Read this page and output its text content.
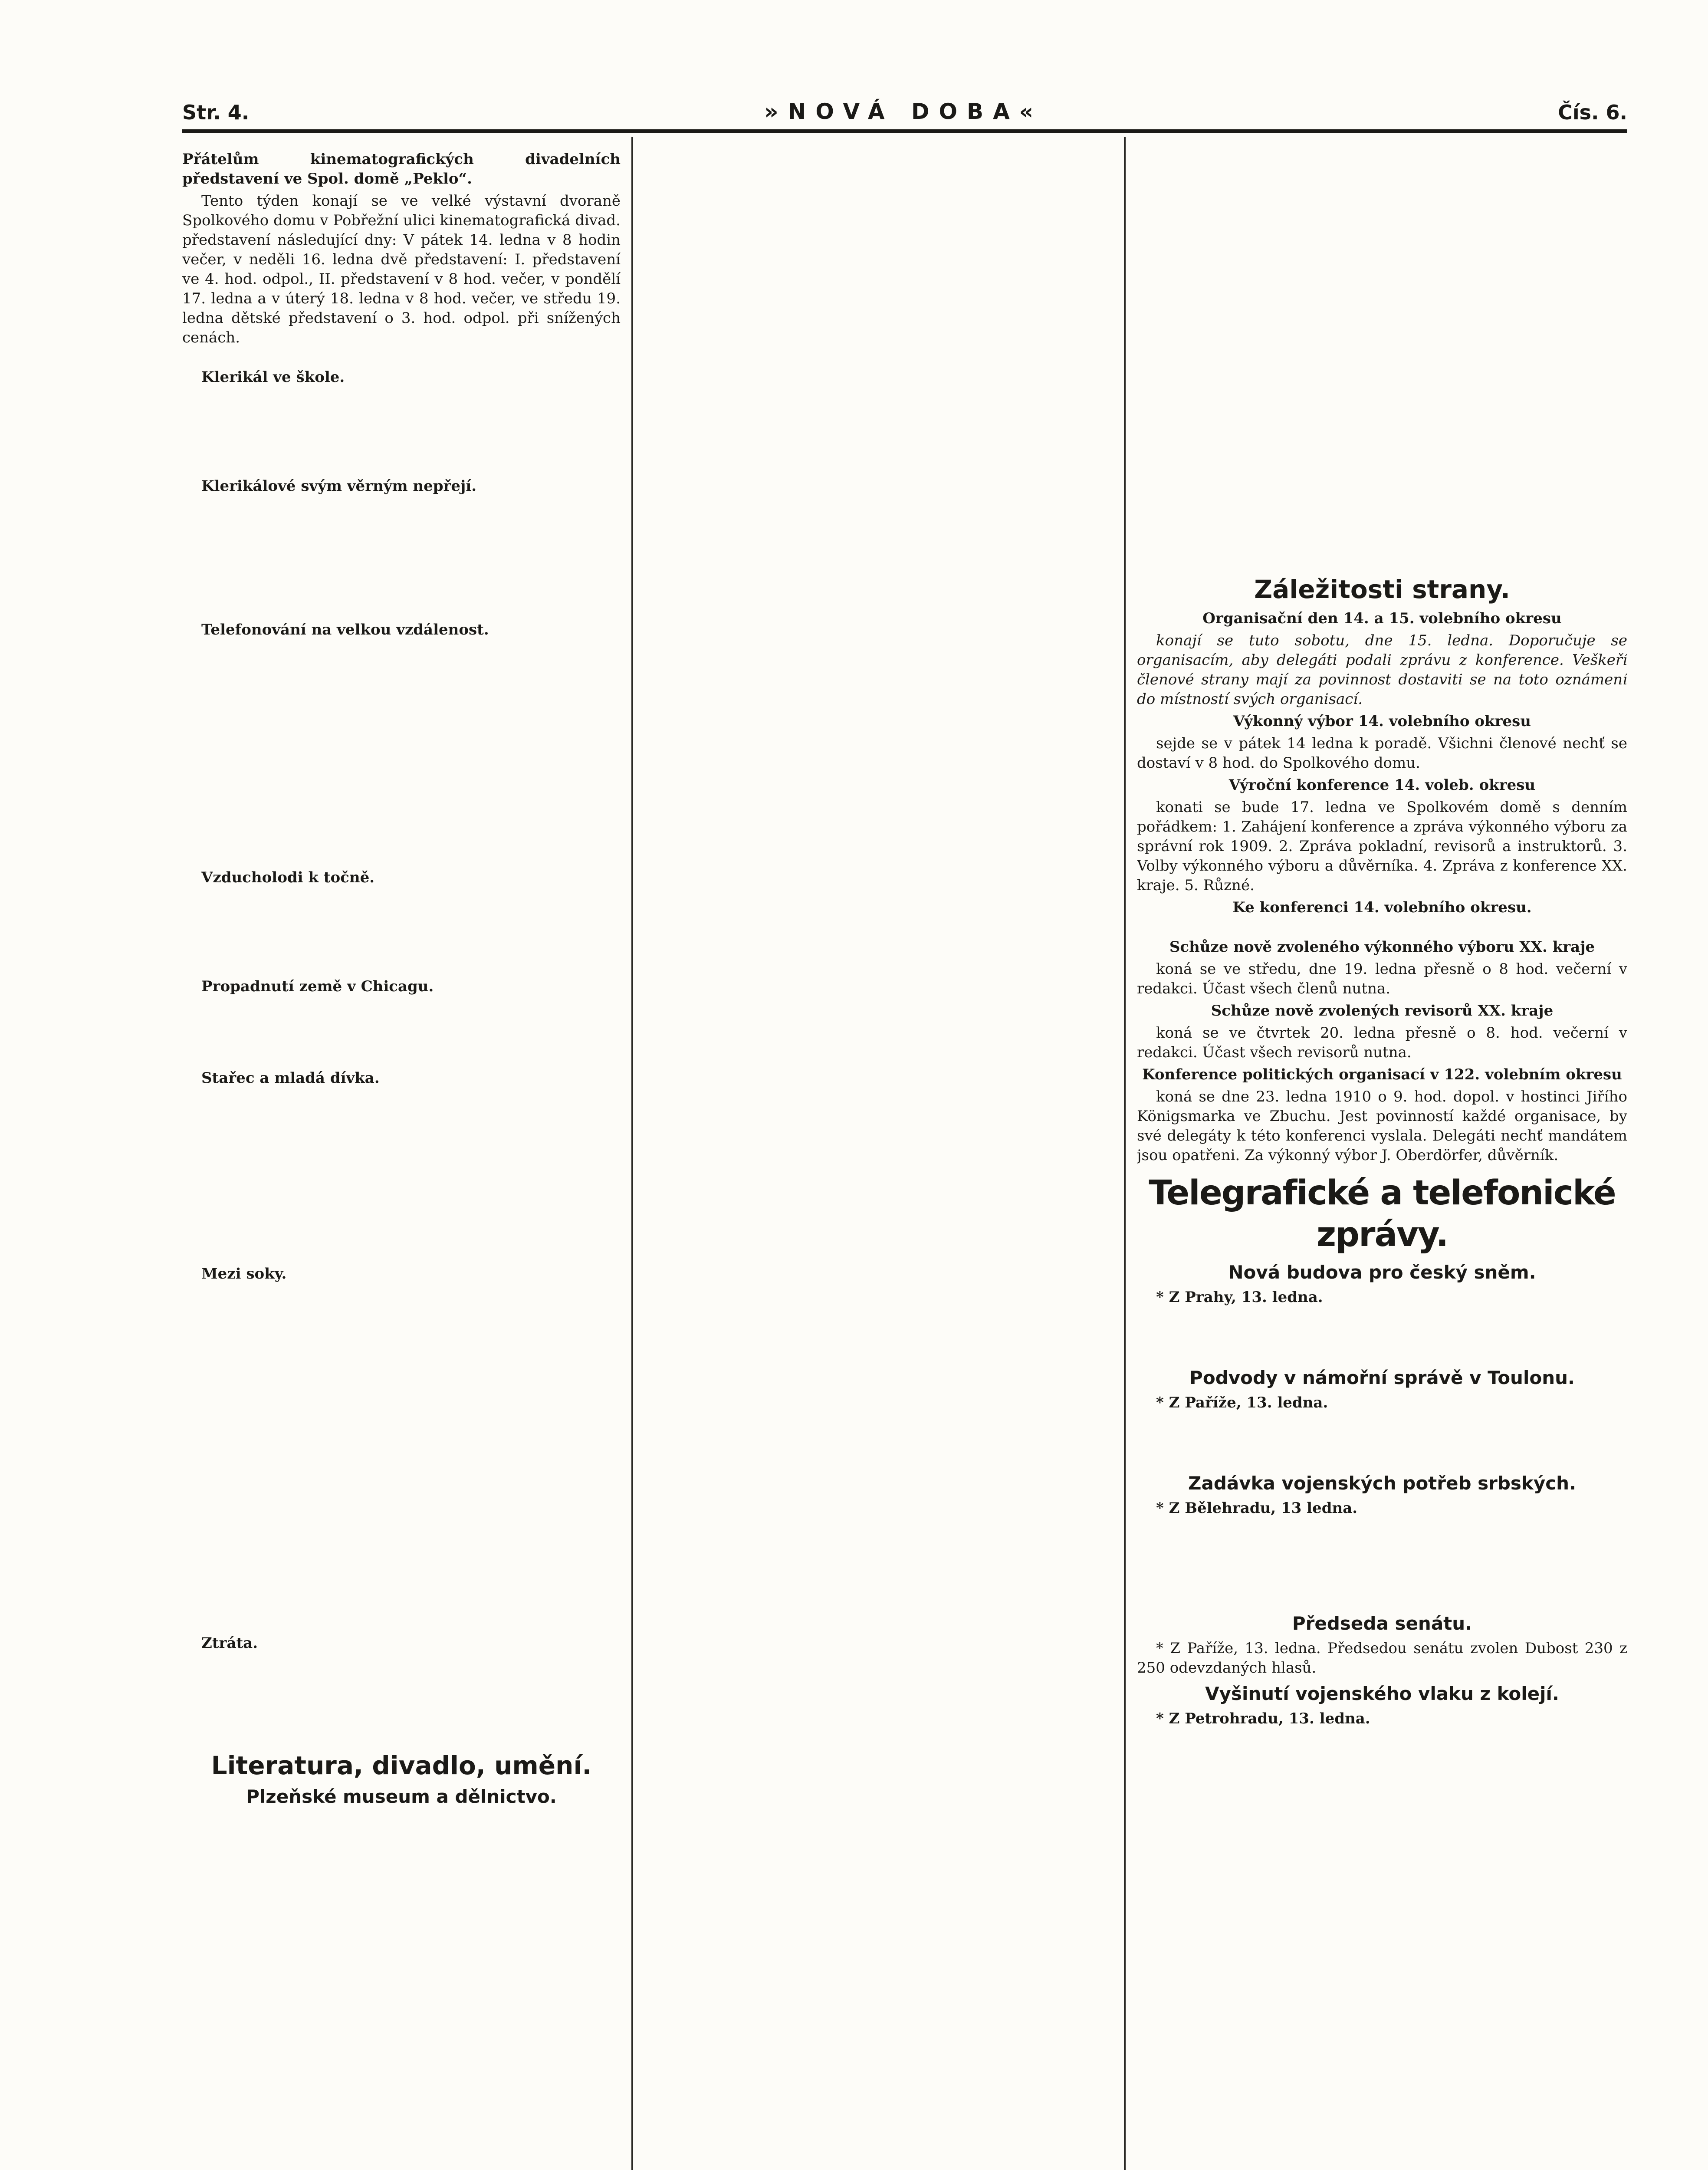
Str. 4.	»NOVÁ DOBA«	Čís. 6.

Přátelům kinematografických divadelních představení ve Spol. domě „Peklo“.

Tento týden konají se ve velké výstavní dvoraně Spolkového domu v Pobřežní ulici kinematografická divad. představení následující dny: V pátek 14. ledna v 8 hodin večer, v neděli 16. ledna dvě představení: I. představení ve 4. hod. odpol., II. představení v 8 hod. večer, v pondělí 17. ledna a v úterý 18. ledna v 8 hod. večer, ve středu 19. ledna dětské představení o 3. hod. odpol. při snížených cenách.

Klerikál ve škole.

Klerikálové svým věrným nepřejí.

Telefonování na velkou vzdálenost.

Vzducholodi k točně.

Propadnutí země v Chicagu.

Stařec a mladá dívka.

Mezi soky.

Ztráta.

Literatura, divadlo, umění.
Plzeňské museum a dělnictvo.

Záležitosti strany.

Organisační den 14. a 15. volebního okresu

konají se tuto sobotu, dne 15. ledna. Doporučuje se organisacím, aby delegáti podali zprávu z konference. Veškeří členové strany mají za povinnost dostaviti se na toto oznámení do místností svých organisací.

Výkonný výbor 14. volebního okresu

sejde se v pátek 14 ledna k poradě. Všichni členové nechť se dostaví v 8 hod. do Spolkového domu.

Výroční konference 14. voleb. okresu

konati se bude 17. ledna ve Spolkovém domě s denním pořádkem: 1. Zahájení konference a zpráva výkonného výboru za správní rok 1909. 2. Zpráva pokladní, revisorů a instruktorů. 3. Volby výkonného výboru a důvěrníka. 4. Zpráva z konference XX. kraje. 5. Různé.

Ke konferenci 14. volebního okresu.

Schůze nově zvoleného výkonného výboru XX. kraje

koná se ve středu, dne 19. ledna přesně o 8 hod. večerní v redakci. Účast všech členů nutna.

Schůze nově zvolených revisorů XX. kraje

koná se ve čtvrtek 20. ledna přesně o 8. hod. večerní v redakci. Účast všech revisorů nutna.

Konference politických organisací v 122. volebním okresu

koná se dne 23. ledna 1910 o 9. hod. dopol. v hostinci Jiřího Königsmarka ve Zbuchu. Jest povinností každé organisace, by své delegáty k této konferenci vyslala. Delegáti nechť mandátem jsou opatřeni. Za výkonný výbor J. Oberdörfer, důvěrník.

Telegrafické a telefonické zprávy.
Nová budova pro český sněm.

* Z Prahy, 13. ledna.

Podvody v námořní správě v Toulonu.

* Z Paříže, 13. ledna.

Zadávka vojenských potřeb srbských.

* Z Bělehradu, 13 ledna.

Předseda senátu.

* Z Paříže, 13. ledna. Předsedou senátu zvolen Dubost 230 z 250 odevzdaných hlasů.

Vyšinutí vojenského vlaku z kolejí.

* Z Petrohradu, 13. ledna.
